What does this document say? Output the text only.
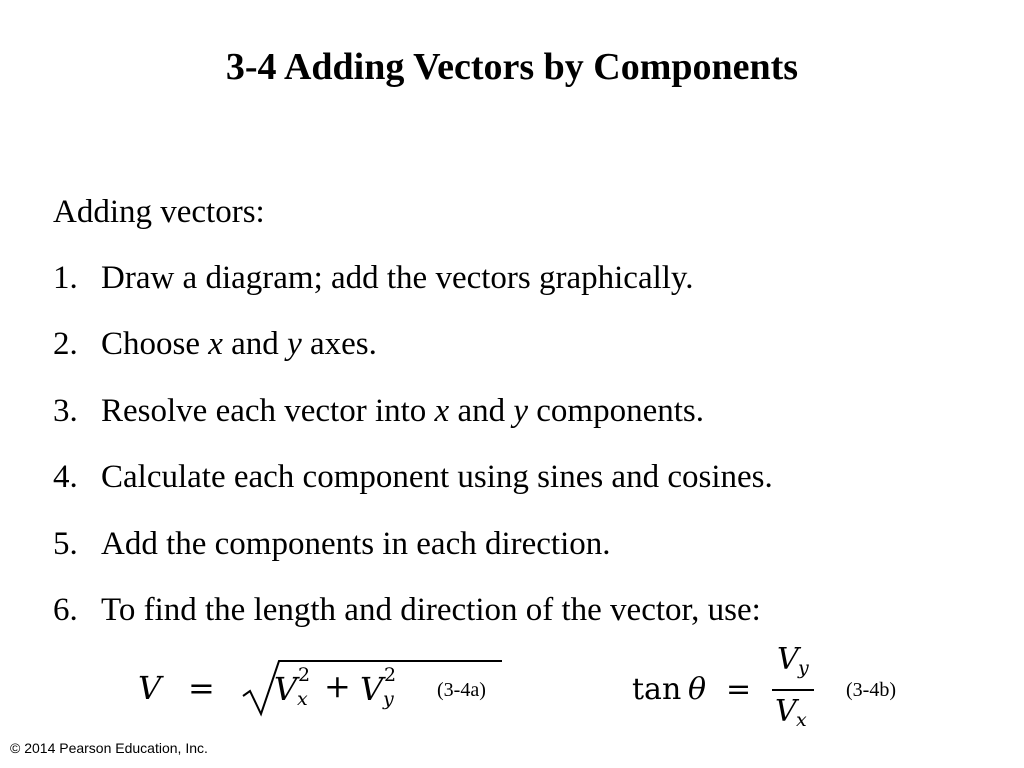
3-4 Adding Vectors by Components
Adding vectors:
1. Draw a diagram; add the vectors graphically.
2. Choose x and y axes.
3. Resolve each vector into x and y components.
4. Calculate each component using sines and cosines.
5. Add the components in each direction.
6. To find the length and direction of the vector, use:
V = V 2
x + V 2
y (3-4a)	tan θ =
V y
V x
(3-4b)
© 2014 Pearson Education, Inc.
